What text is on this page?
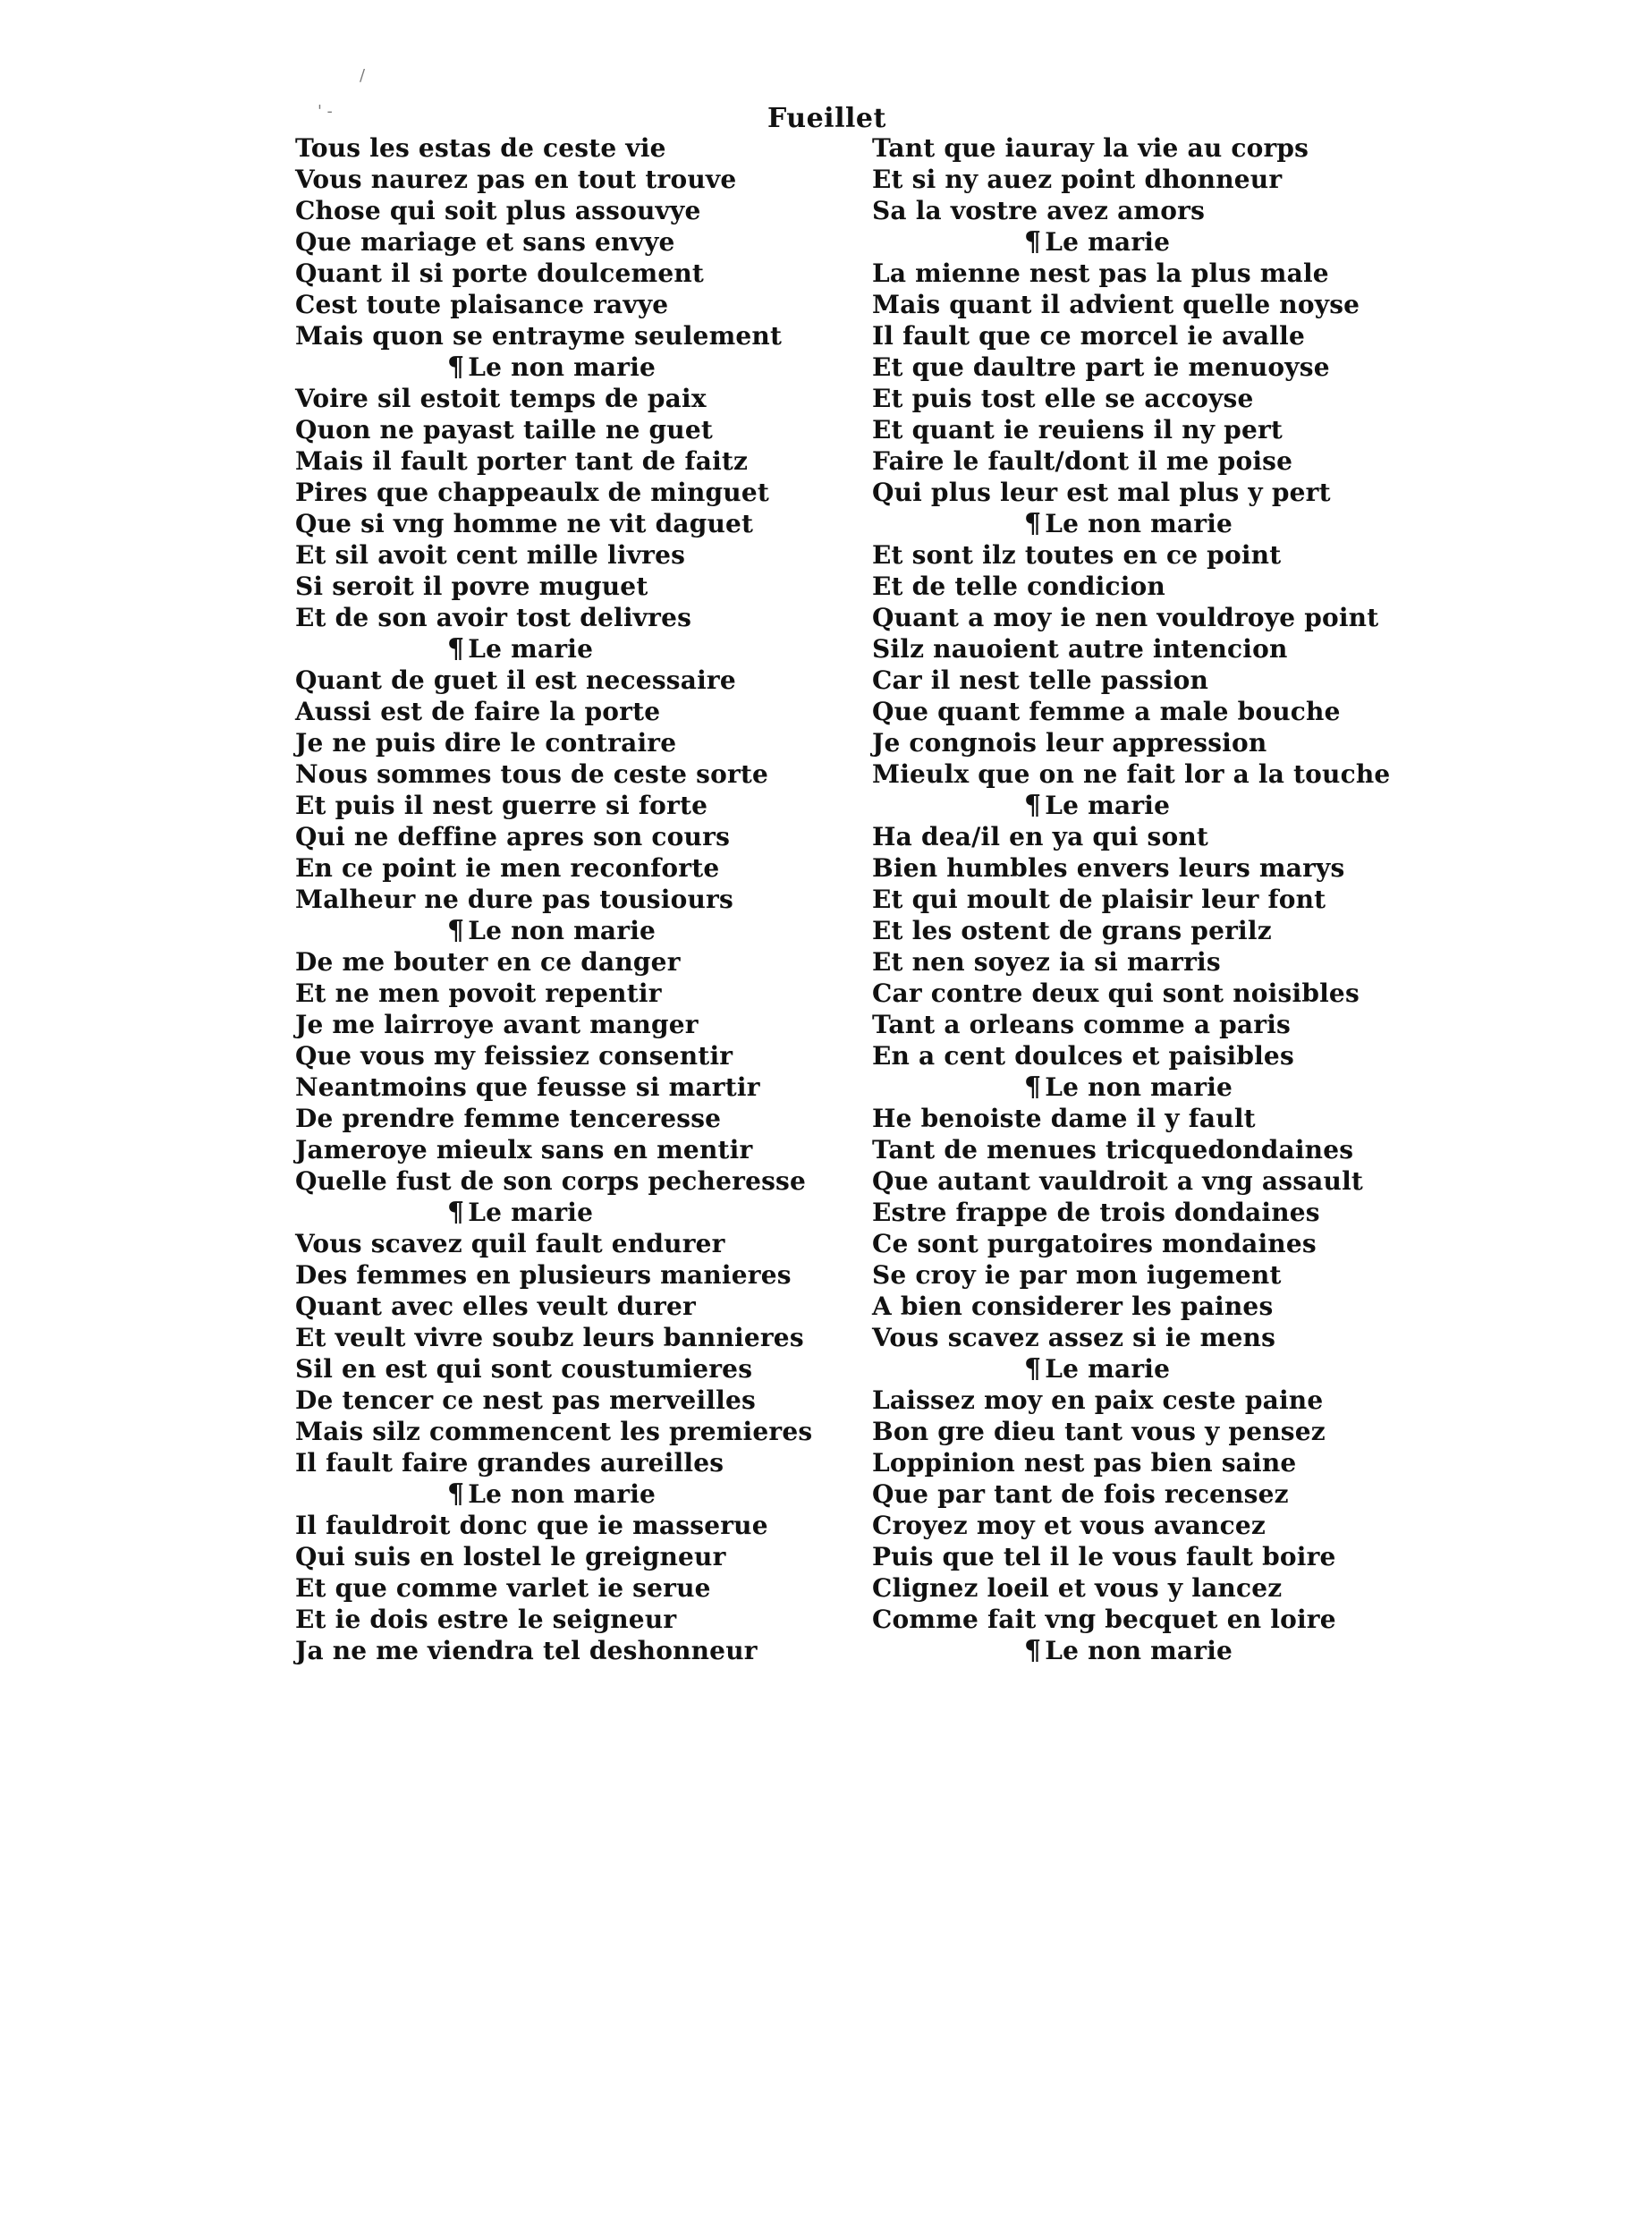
' -
/
Fueillet
Tous les estas de ceste vie
Vous naurez pas en tout trouve
Chose qui soit plus assouvye
Que mariage et sans envye
Quant il si porte doulcement
Cest toute plaisance ravye
Mais quon se entrayme seulement
¶ Le non marie
Voire sil estoit temps de paix
Quon ne payast taille ne guet
Mais il fault porter tant de faitz
Pires que chappeaulx de minguet
Que si vng homme ne vit daguet
Et sil avoit cent mille livres
Si seroit il povre muguet
Et de son avoir tost delivres
¶ Le marie
Quant de guet il est necessaire
Aussi est de faire la porte
Je ne puis dire le contraire
Nous sommes tous de ceste sorte
Et puis il nest guerre si forte
Qui ne deffine apres son cours
En ce point ie men reconforte
Malheur ne dure pas tousiours
¶ Le non marie
De me bouter en ce danger
Et ne men povoit repentir
Je me lairroye avant manger
Que vous my feissiez consentir
Neantmoins que feusse si martir
De prendre femme tenceresse
Jameroye mieulx sans en mentir
Quelle fust de son corps pecheresse
¶ Le marie
Vous scavez quil fault endurer
Des femmes en plusieurs manieres
Quant avec elles veult durer
Et veult vivre soubz leurs bannieres
Sil en est qui sont coustumieres
De tencer ce nest pas merveilles
Mais silz commencent les premieres
Il fault faire grandes aureilles
¶ Le non marie
Il fauldroit donc que ie masserue
Qui suis en lostel le greigneur
Et que comme varlet ie serue
Et ie dois estre le seigneur
Ja ne me viendra tel deshonneur
Tant que iauray la vie au corps
Et si ny auez point dhonneur
Sa la vostre avez amors
¶ Le marie
La mienne nest pas la plus male
Mais quant il advient quelle noyse
Il fault que ce morcel ie avalle
Et que daultre part ie menuoyse
Et puis tost elle se accoyse
Et quant ie reuiens il ny pert
Faire le fault/dont il me poise
Qui plus leur est mal plus y pert
¶ Le non marie
Et sont ilz toutes en ce point
Et de telle condicion
Quant a moy ie nen vouldroye point
Silz nauoient autre intencion
Car il nest telle passion
Que quant femme a male bouche
Je congnois leur appression
Mieulx que on ne fait lor a la touche
¶ Le marie
Ha dea/il en ya qui sont
Bien humbles envers leurs marys
Et qui moult de plaisir leur font
Et les ostent de grans perilz
Et nen soyez ia si marris
Car contre deux qui sont noisibles
Tant a orleans comme a paris
En a cent doulces et paisibles
¶ Le non marie
He benoiste dame il y fault
Tant de menues tricquedondaines
Que autant vauldroit a vng assault
Estre frappe de trois dondaines
Ce sont purgatoires mondaines
Se croy ie par mon iugement
A bien considerer les paines
Vous scavez assez si ie mens
¶ Le marie
Laissez moy en paix ceste paine
Bon gre dieu tant vous y pensez
Loppinion nest pas bien saine
Que par tant de fois recensez
Croyez moy et vous avancez
Puis que tel il le vous fault boire
Clignez loeil et vous y lancez
Comme fait vng becquet en loire
¶ Le non marie
